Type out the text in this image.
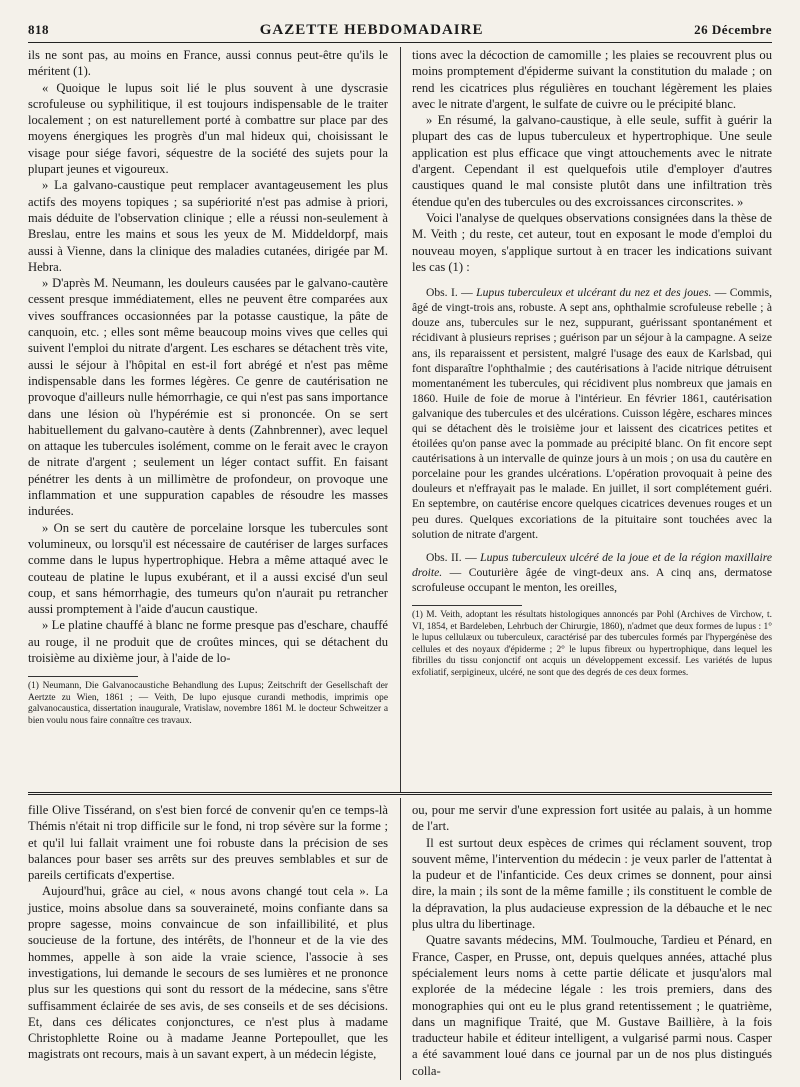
818	GAZETTE HEBDOMADAIRE	26 Décembre

ils ne sont pas, au moins en France, aussi connus peut-être qu'ils le méritent (1).

« Quoique le lupus soit lié le plus souvent à une dyscrasie scrofuleuse ou syphilitique, il est toujours indispensable de le traiter localement ; on est naturellement porté à combattre sur place par des moyens énergiques les progrès d'un mal hideux qui, choisissant le visage pour siége favori, séquestre de la société des sujets pour la plupart jeunes et vigoureux.

» La galvano-caustique peut remplacer avantageusement les plus actifs des moyens topiques ; sa supériorité n'est pas admise à priori, mais déduite de l'observation clinique ; elle a réussi non-seulement à Breslau, entre les mains et sous les yeux de M. Middeldorpf, mais aussi à Vienne, dans la clinique des maladies cutanées, dirigée par M. Hebra.

» D'après M. Neumann, les douleurs causées par le galvano-cautère cessent presque immédiatement, elles ne peuvent être comparées aux vives souffrances occasionnées par la potasse caustique, la pâte de canquoin, etc. ; elles sont même beaucoup moins vives que celles qui suivent l'emploi du nitrate d'argent. Les eschares se détachent très vite, aussi le séjour à l'hôpital en est-il fort abrégé et n'est pas même indispensable dans les formes légères. Ce genre de cautérisation ne provoque d'ailleurs nulle hémorrhagie, ce qui n'est pas sans importance dans une lésion où l'hypérémie est si prononcée. On se sert habituellement du galvano-cautère à dents (Zahnbrenner), avec lequel on attaque les tubercules isolément, comme on le ferait avec le crayon de nitrate d'argent ; seulement un léger contact suffit. En faisant pénétrer les dents à un millimètre de profondeur, on provoque une inflammation et une suppuration capables de résoudre les masses indurées.

» On se sert du cautère de porcelaine lorsque les tubercules sont volumineux, ou lorsqu'il est nécessaire de cautériser de larges surfaces comme dans le lupus hypertrophique. Hebra a même attaqué avec le couteau de platine le lupus exubérant, et il a aussi excisé d'un seul coup, et sans hémorrhagie, des tumeurs qu'on n'aurait pu retrancher aussi promptement à l'aide d'aucun caustique.

» Le platine chauffé à blanc ne forme presque pas d'eschare, chauffé au rouge, il ne produit que de croûtes minces, qui se détachent du troisième au dixième jour, à l'aide de lo-

(1) Neumann, Die Galvanocaustiche Behandlung des Lupus; Zeitschrift der Gesellschaft der Aertzte zu Wien, 1861 ; — Veith, De lupo ejusque curandi methodis, imprimis ope galvanocaustica, dissertation inaugurale, Vratislaw, novembre 1861 M. le docteur Schweitzer a bien voulu nous faire connaître ces travaux.

tions avec la décoction de camomille ; les plaies se recouvrent plus ou moins promptement d'épiderme suivant la constitution du malade ; on rend les cicatrices plus régulières en touchant légèrement les plaies avec le nitrate d'argent, le sulfate de cuivre ou le précipité blanc.

» En résumé, la galvano-caustique, à elle seule, suffit à guérir la plupart des cas de lupus tuberculeux et hypertrophique. Une seule application est plus efficace que vingt attouchements avec le nitrate d'argent. Cependant il est quelquefois utile d'employer d'autres caustiques quand le mal consiste plutôt dans une infiltration très étendue qu'en des tubercules ou des excroissances circonscrites. »

Voici l'analyse de quelques observations consignées dans la thèse de M. Veith ; du reste, cet auteur, tout en exposant le mode d'emploi du nouveau moyen, s'applique surtout à en tracer les indications suivant les cas (1) :

Obs. I. — Lupus tuberculeux et ulcérant du nez et des joues. — Commis, âgé de vingt-trois ans, robuste. A sept ans, ophthalmie scrofuleuse rebelle ; à douze ans, tubercules sur le nez, suppurant, guérissant spontanément et récidivant à plusieurs reprises ; guérison par un séjour à la campagne. A seize ans, ils reparaissent et persistent, malgré l'usage des eaux de Karlsbad, qui font disparaître l'ophthalmie ; des cautérisations à l'acide nitrique détruisent momentanément les tubercules, qui récidivent plus nombreux que jamais en 1860. Huile de foie de morue à l'intérieur. En février 1861, cautérisation galvanique des tubercules et des ulcérations. Cuisson légère, eschares minces qui se détachent dès le troisième jour et laissent des cicatrices petites et étoilées qu'on panse avec la pommade au précipité blanc. On fit encore sept cautérisations à un intervalle de quinze jours à un mois ; on usa du cautère en porcelaine pour les grandes ulcérations. L'opération provoquait à peine des douleurs et n'effrayait pas le malade. En juillet, il sort complétement guéri. En septembre, on cautérise encore quelques cicatrices devenues rouges et un peu dures. Quelques excoriations de la pituitaire sont touchées avec la solution de nitrate d'argent.

Obs. II. — Lupus tuberculeux ulcéré de la joue et de la région maxillaire droite. — Couturière âgée de vingt-deux ans. A cinq ans, dermatose scrofuleuse occupant le menton, les oreilles,

(1) M. Veith, adoptant les résultats histologiques annoncés par Pohl (Archives de Virchow, t. VI, 1854, et Bardeleben, Lehrbuch der Chirurgie, 1860), n'admet que deux formes de lupus : 1° le lupus cellulæux ou tuberculeux, caractérisé par des tubercules formés par l'hypergénèse des cellules et des noyaux d'épiderme ; 2° le lupus fibreux ou hypertrophique, dans lequel les fibrilles du tissu conjonctif ont acquis un développement excessif. Les variétés de lupus exfoliatif, serpigineux, ulcéré, ne sont que des degrés de ces deux formes.

fille Olive Tissérand, on s'est bien forcé de convenir qu'en ce temps-là Thémis n'était ni trop difficile sur le fond, ni trop sévère sur la forme ; et qu'il lui fallait vraiment une foi robuste dans la précision de ses balances pour baser ses arrêts sur des preuves semblables et sur de pareils certificats d'expertise.

Aujourd'hui, grâce au ciel, « nous avons changé tout cela ». La justice, moins absolue dans sa souveraineté, moins confiante dans sa propre sagesse, moins convaincue de son infaillibilité, et plus soucieuse de la fortune, des intérêts, de l'honneur et de la vie des hommes, appelle à son aide la vraie science, l'associe à ses investigations, lui demande le secours de ses lumières et ne prononce plus sur les questions qui sont du ressort de la médecine, sans s'être suffisamment éclairée de ses avis, de ses conseils et de ses décisions. Et, dans ces délicates conjonctures, ce n'est plus à madame Christophlette Roine ou à madame Jeanne Portepoullet, que les magistrats ont recours, mais à un savant expert, à un médecin légiste,

ou, pour me servir d'une expression fort usitée au palais, à un homme de l'art.

Il est surtout deux espèces de crimes qui réclament souvent, trop souvent même, l'intervention du médecin : je veux parler de l'attentat à la pudeur et de l'infanticide. Ces deux crimes se donnent, pour ainsi dire, la main ; ils sont de la même famille ; ils constituent le comble de la dépravation, la plus audacieuse expression de la débauche et le nec plus ultra du libertinage.

Quatre savants médecins, MM. Toulmouche, Tardieu et Pénard, en France, Casper, en Prusse, ont, depuis quelques années, attaché plus spécialement leurs noms à cette partie délicate et jusqu'alors mal explorée de la médecine légale : les trois premiers, dans des monographies qui ont eu le plus grand retentissement ; le quatrième, dans un magnifique Traité, que M. Gustave Baillière, à la fois traducteur habile et éditeur intelligent, a vulgarisé parmi nous. Casper a été savamment loué dans ce journal par un de nos plus distingués colla-
